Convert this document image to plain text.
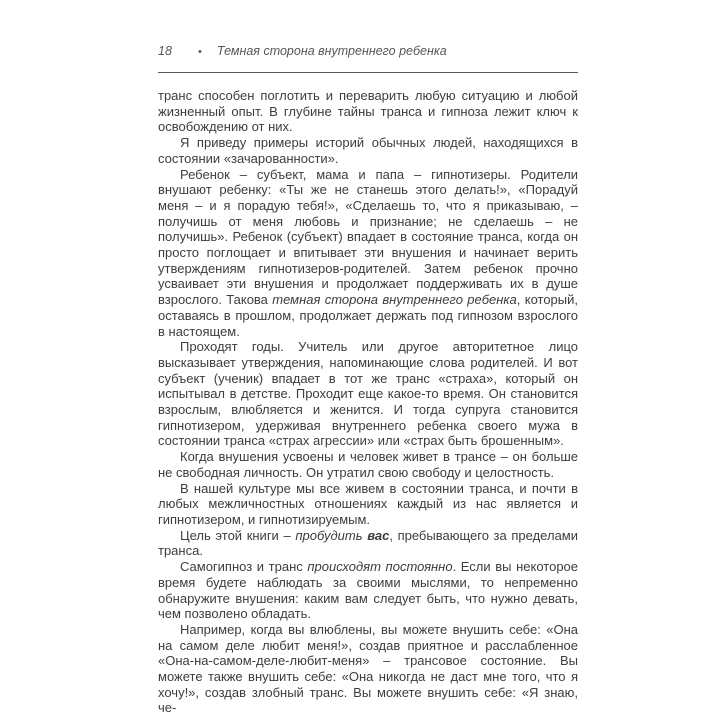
18 • Темная сторона внутреннего ребенка

транс способен поглотить и переварить любую ситуацию и любой жизненный опыт. В глубине тайны транса и гипноза лежит ключ к освобождению от них.

Я приведу примеры историй обычных людей, находящихся в состоянии «зачарованности».

Ребенок – субъект, мама и папа – гипнотизеры. Родители внушают ребенку: «Ты же не станешь этого делать!», «Порадуй меня – и я порадую тебя!», «Сделаешь то, что я приказываю, – получишь от меня любовь и признание; не сделаешь – не получишь». Ребенок (субъект) впадает в состояние транса, когда он просто поглощает и впитывает эти внушения и начинает верить утверждениям гипнотизеров-родителей. Затем ребенок прочно усваивает эти внушения и продолжает поддерживать их в душе взрослого. Такова темная сторона внутреннего ребенка, который, оставаясь в прошлом, продолжает держать под гипнозом взрослого в настоящем.

Проходят годы. Учитель или другое авторитетное лицо высказывает утверждения, напоминающие слова родителей. И вот субъект (ученик) впадает в тот же транс «страха», который он испытывал в детстве. Проходит еще какое-то время. Он становится взрослым, влюбляется и женится. И тогда супруга становится гипнотизером, удерживая внутреннего ребенка своего мужа в состоянии транса «страх агрессии» или «страх быть брошенным».

Когда внушения усвоены и человек живет в трансе – он больше не свободная личность. Он утратил свою свободу и целостность.

В нашей культуре мы все живем в состоянии транса, и почти в любых межличностных отношениях каждый из нас является и гипнотизером, и гипнотизируемым.

Цель этой книги – пробудить вас, пребывающего за пределами транса.

Самогипноз и транс происходят постоянно. Если вы некоторое время будете наблюдать за своими мыслями, то непременно обнаружите внушения: каким вам следует быть, что нужно девать, чем позволено обладать.

Например, когда вы влюблены, вы можете внушить себе: «Она на самом деле любит меня!», создав приятное и расслабленное «Она-на-самом-деле-любит-меня» – трансовое состояние. Вы можете также внушить себе: «Она никогда не даст мне того, что я хочу!», создав злобный транс. Вы можете внушить себе: «Я знаю, че-
